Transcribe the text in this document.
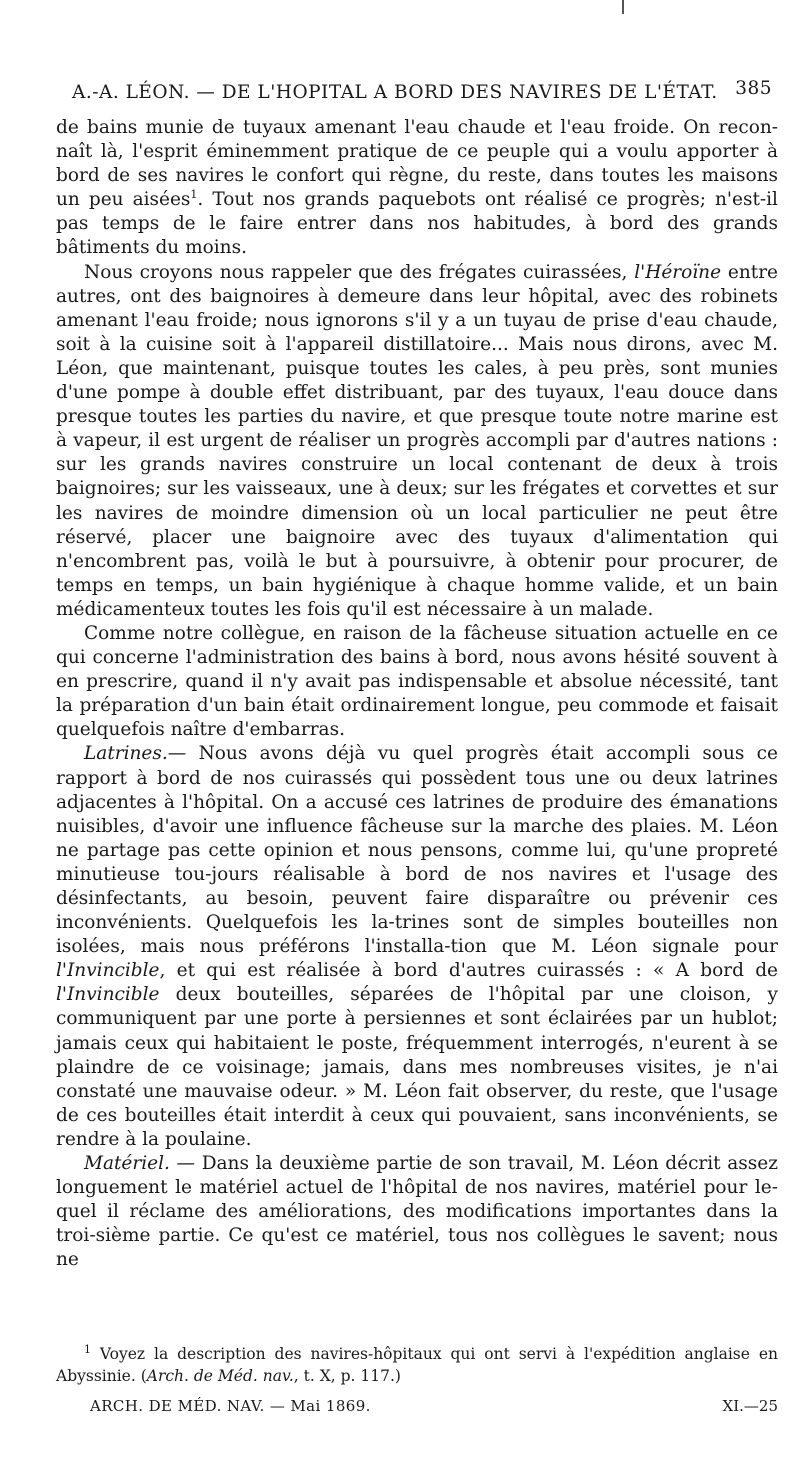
A.-A. LÉON. — DE L'HOPITAL A BORD DES NAVIRES DE L'ÉTAT. 385

de bains munie de tuyaux amenant l'eau chaude et l'eau froide. On recon-naît là, l'esprit éminemment pratique de ce peuple qui a voulu apporter à bord de ses navires le confort qui règne, du reste, dans toutes les maisons un peu aisées$^1$. Tout nos grands paquebots ont réalisé ce progrès; n'est-il pas temps de le faire entrer dans nos habitudes, à bord des grands bâtiments du moins.

Nous croyons nous rappeler que des frégates cuirassées, l'Héroïne entre autres, ont des baignoires à demeure dans leur hôpital, avec des robinets amenant l'eau froide; nous ignorons s'il y a un tuyau de prise d'eau chaude, soit à la cuisine soit à l'appareil distillatoire... Mais nous dirons, avec M. Léon, que maintenant, puisque toutes les cales, à peu près, sont munies d'une pompe à double effet distribuant, par des tuyaux, l'eau douce dans presque toutes les parties du navire, et que presque toute notre marine est à vapeur, il est urgent de réaliser un progrès accompli par d'autres nations : sur les grands navires construire un local contenant de deux à trois baignoires; sur les vaisseaux, une à deux; sur les frégates et corvettes et sur les navires de moindre dimension où un local particulier ne peut être réservé, placer une baignoire avec des tuyaux d'alimentation qui n'encombrent pas, voilà le but à poursuivre, à obtenir pour procurer, de temps en temps, un bain hygiénique à chaque homme valide, et un bain médicamenteux toutes les fois qu'il est nécessaire à un malade.

Comme notre collègue, en raison de la fâcheuse situation actuelle en ce qui concerne l'administration des bains à bord, nous avons hésité souvent à en prescrire, quand il n'y avait pas indispensable et absolue nécessité, tant la préparation d'un bain était ordinairement longue, peu commode et faisait quelquefois naître d'embarras.

Latrines.— Nous avons déjà vu quel progrès était accompli sous ce rapport à bord de nos cuirassés qui possèdent tous une ou deux latrines adjacentes à l'hôpital. On a accusé ces latrines de produire des émanations nuisibles, d'avoir une influence fâcheuse sur la marche des plaies. M. Léon ne partage pas cette opinion et nous pensons, comme lui, qu'une propreté minutieuse tou-jours réalisable à bord de nos navires et l'usage des désinfectants, au besoin, peuvent faire disparaître ou prévenir ces inconvénients. Quelquefois les la-trines sont de simples bouteilles non isolées, mais nous préférons l'installa-tion que M. Léon signale pour l'Invincible, et qui est réalisée à bord d'autres cuirassés : « A bord de l'Invincible deux bouteilles, séparées de l'hôpital par une cloison, y communiquent par une porte à persiennes et sont éclairées par un hublot; jamais ceux qui habitaient le poste, fréquemment interrogés, n'eurent à se plaindre de ce voisinage; jamais, dans mes nombreuses visites, je n'ai constaté une mauvaise odeur. » M. Léon fait observer, du reste, que l'usage de ces bouteilles était interdit à ceux qui pouvaient, sans inconvénients, se rendre à la poulaine.

Matériel. — Dans la deuxième partie de son travail, M. Léon décrit assez longuement le matériel actuel de l'hôpital de nos navires, matériel pour le-quel il réclame des améliorations, des modifications importantes dans la troi-sième partie. Ce qu'est ce matériel, tous nos collègues le savent; nous ne

$^1$ Voyez la description des navires-hôpitaux qui ont servi à l'expédition anglaise en Abyssinie. (Arch. de Méd. nav., t. X, p. 117.)

ARCH. DE MÉD. NAV. — Mai 1869.	XI.—25
